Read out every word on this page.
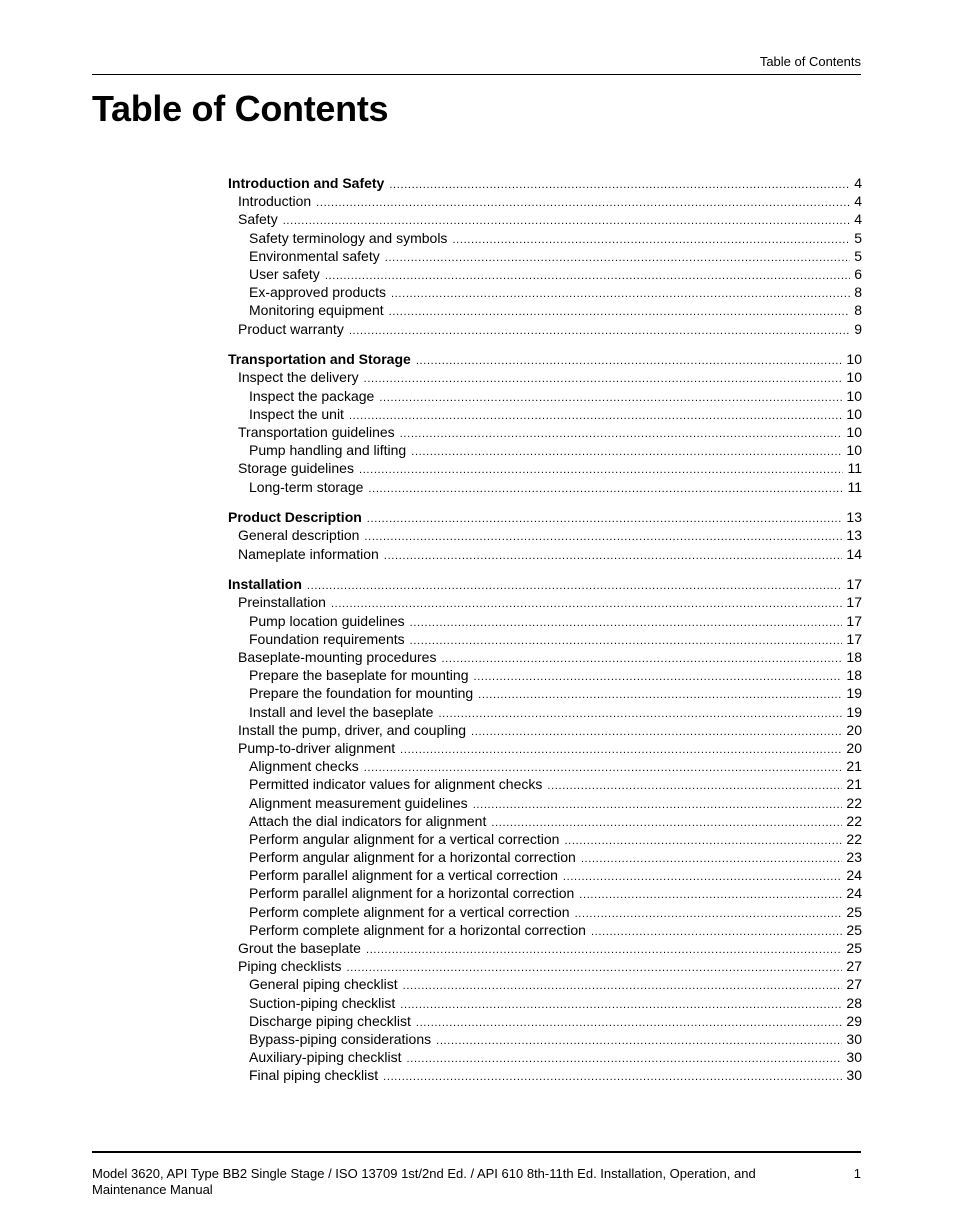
Table of Contents
Table of Contents
Introduction and Safety . . .	4
Introduction . . .	4
Safety . . .	4
Safety terminology and symbols . . .	5
Environmental safety . . .	5
User safety . . .	6
Ex-approved products . . .	8
Monitoring equipment . . .	8
Product warranty . . .	9
Transportation and Storage . . .	10
Inspect the delivery . . .	10
Inspect the package . . .	10
Inspect the unit . . .	10
Transportation guidelines . . .	10
Pump handling and lifting . . .	10
Storage guidelines . . .	11
Long-term storage . . .	11
Product Description . . .	13
General description . . .	13
Nameplate information . . .	14
Installation . . .	17
Preinstallation . . .	17
Pump location guidelines . . .	17
Foundation requirements . . .	17
Baseplate-mounting procedures . . .	18
Prepare the baseplate for mounting . . .	18
Prepare the foundation for mounting . . .	19
Install and level the baseplate . . .	19
Install the pump, driver, and coupling . . .	20
Pump-to-driver alignment . . .	20
Alignment checks . . .	21
Permitted indicator values for alignment checks . . .	21
Alignment measurement guidelines . . .	22
Attach the dial indicators for alignment . . .	22
Perform angular alignment for a vertical correction . . .	22
Perform angular alignment for a horizontal correction . . .	23
Perform parallel alignment for a vertical correction . . .	24
Perform parallel alignment for a horizontal correction . . .	24
Perform complete alignment for a vertical correction . . .	25
Perform complete alignment for a horizontal correction . . .	25
Grout the baseplate . . .	25
Piping checklists . . .	27
General piping checklist . . .	27
Suction-piping checklist . . .	28
Discharge piping checklist . . .	29
Bypass-piping considerations . . .	30
Auxiliary-piping checklist . . .	30
Final piping checklist . . .	30
Model 3620, API Type BB2 Single Stage / ISO 13709 1st/2nd Ed. / API 610 8th-11th Ed. Installation, Operation, and Maintenance Manual
1
